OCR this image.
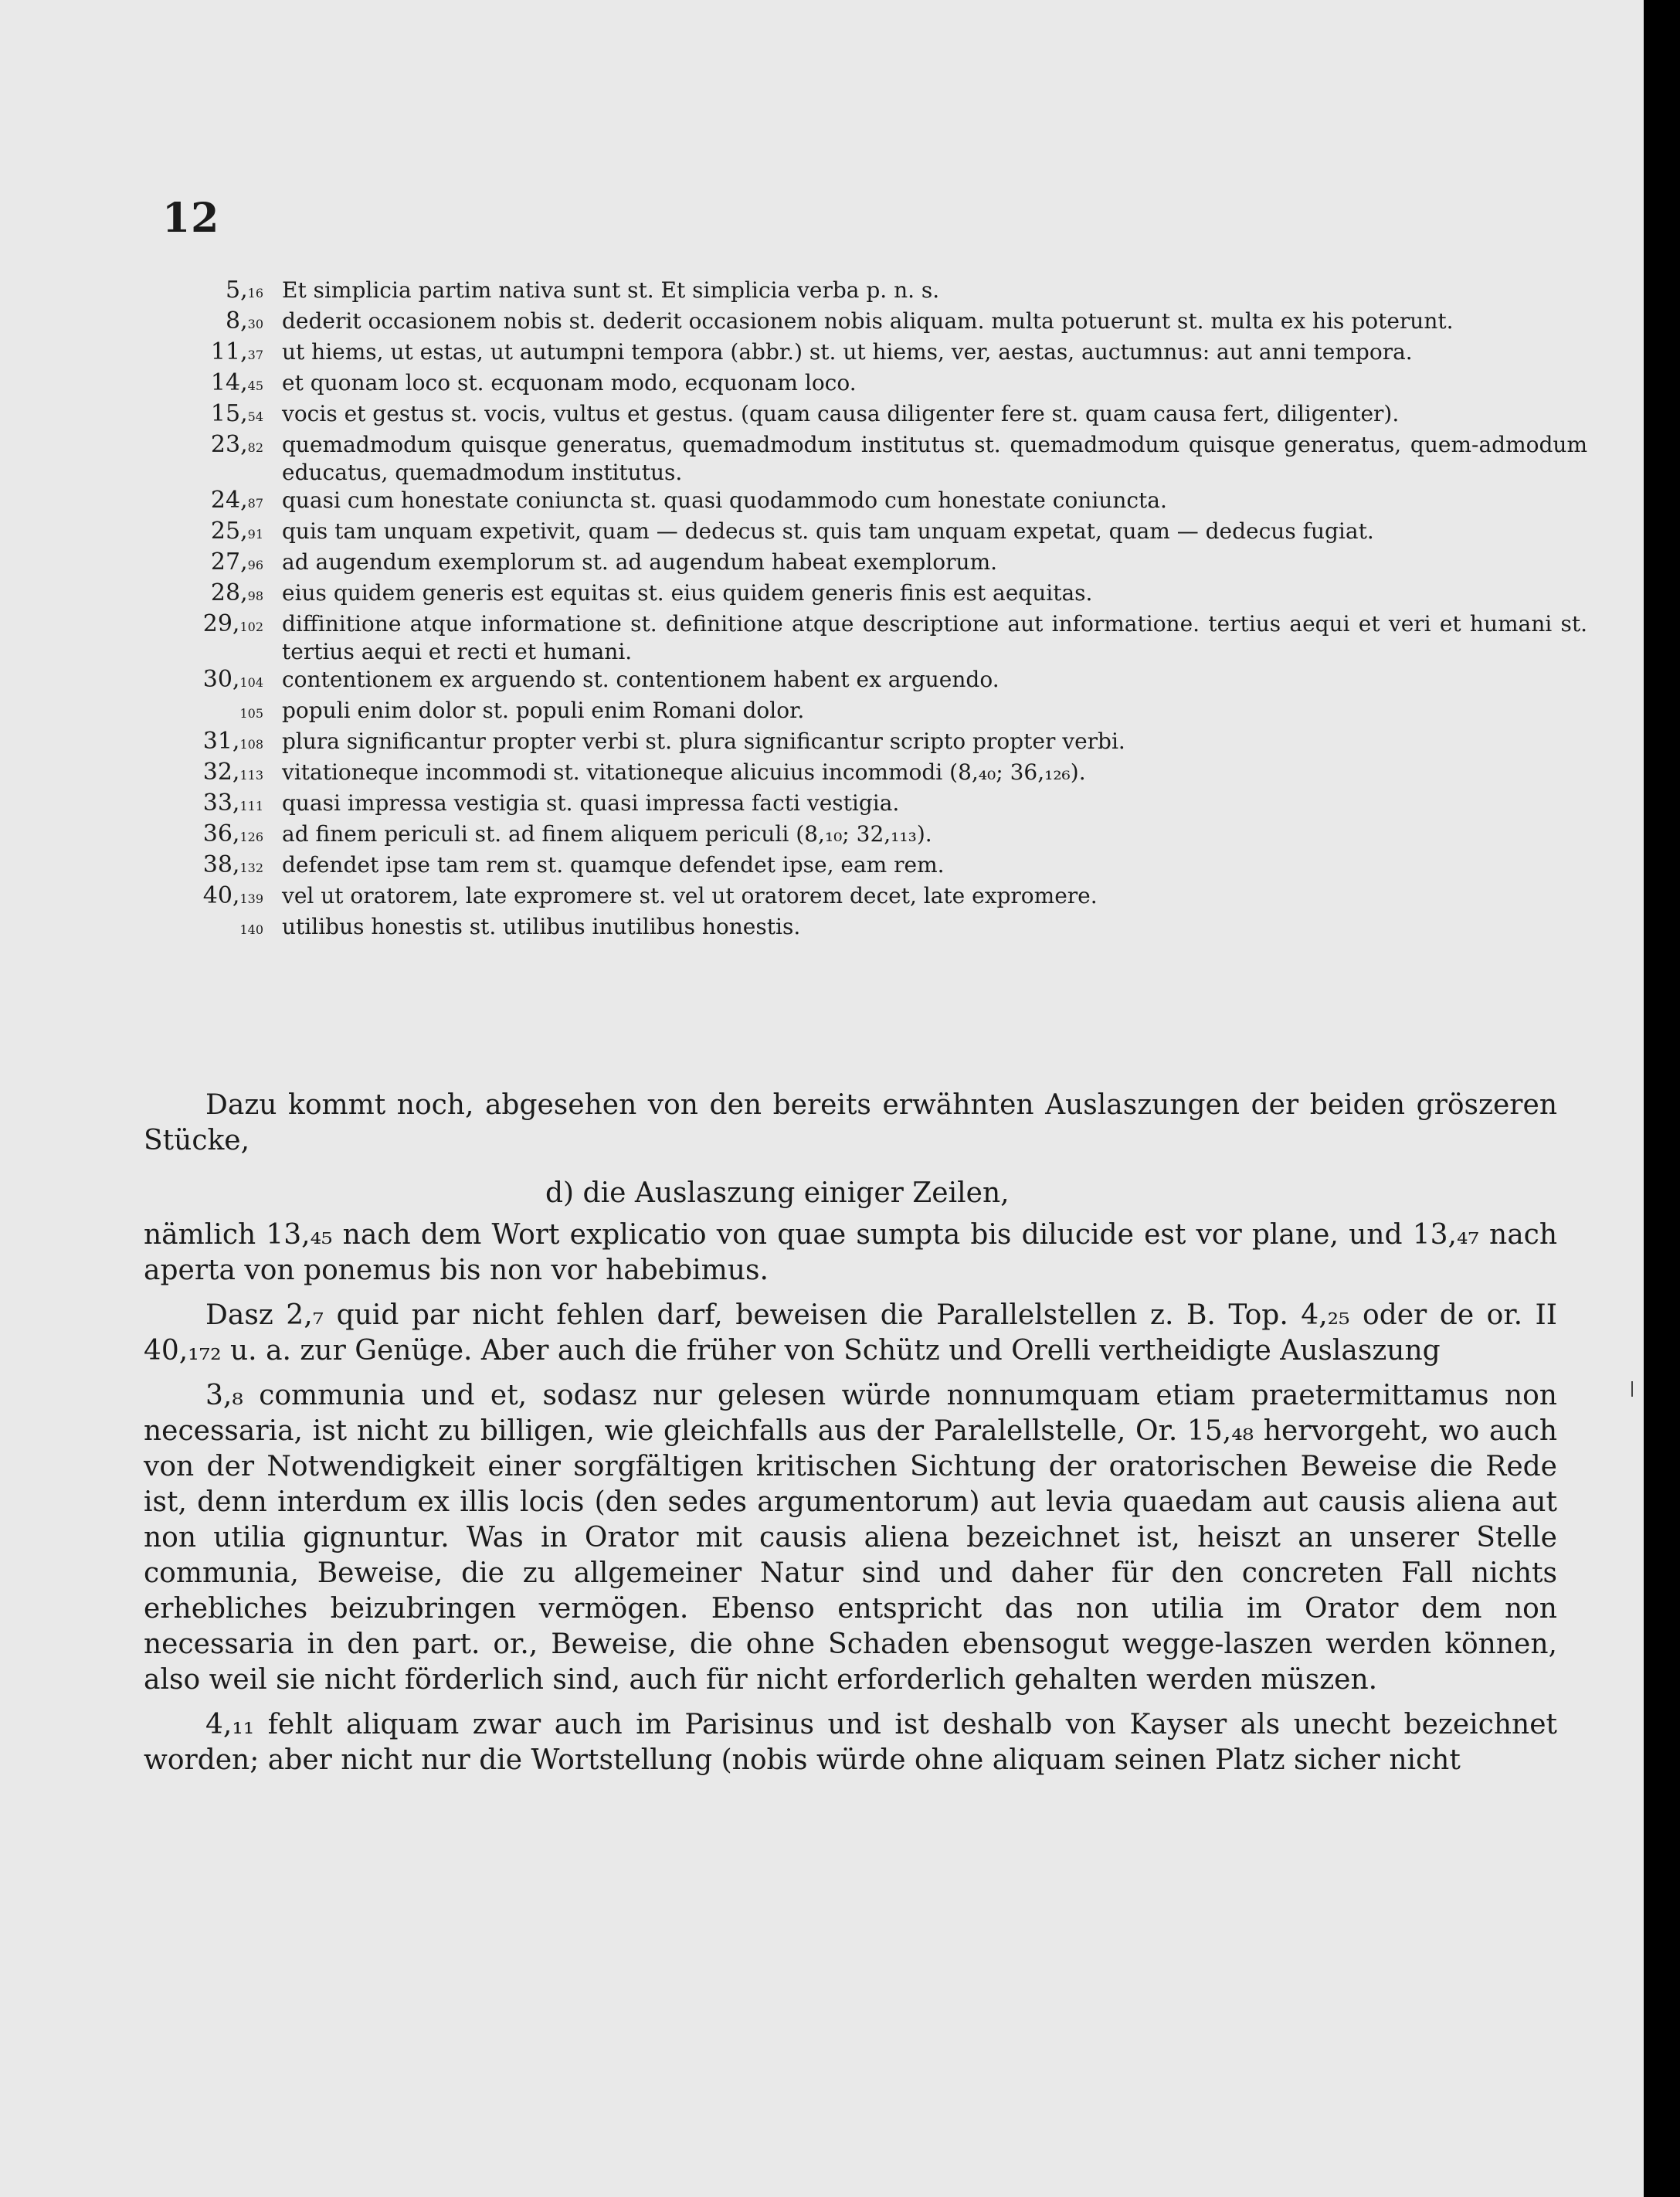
12
5,16 Et simplicia partim nativa sunt st. Et simplicia verba p. n. s.
8,30 dederit occasionem nobis st. dederit occasionem nobis aliquam. multa potuerunt st. multa ex his poterunt.
11,37 ut hiems, ut estas, ut autumpni tempora (abbr.) st. ut hiems, ver, aestas, auctumnus: aut anni tempora.
14,45 et quonam loco st. ecquonam modo, ecquonam loco.
15,54 vocis et gestus st. vocis, vultus et gestus. (quam causa diligenter fere st. quam causa fert, diligenter).
23,82 quemadmodum quisque generatus, quemadmodum institutus st. quemadmodum quisque generatus, quem-admodum educatus, quemadmodum institutus.
24,87 quasi cum honestate coniuncta st. quasi quodammodo cum honestate coniuncta.
25,91 quis tam unquam expetivit, quam — dedecus st. quis tam unquam expetat, quam — dedecus fugiat.
27,96 ad augendum exemplorum st. ad augendum habeat exemplorum.
28,98 eius quidem generis est equitas st. eius quidem generis finis est aequitas.
29,102 diffinitione atque informatione st. definitione atque descriptione aut informatione. tertius aequi et veri et humani st. tertius aequi et recti et humani.
30,104 contentionem ex arguendo st. contentionem habent ex arguendo.
105 populi enim dolor st. populi enim Romani dolor.
31,108 plura significantur propter verbi st. plura significantur scripto propter verbi.
32,113 vitationeque incommodi st. vitationeque alicuius incommodi (8,₄₀; 36,₁₂₆).
33,111 quasi impressa vestigia st. quasi impressa facti vestigia.
36,126 ad finem periculi st. ad finem aliquem periculi (8,₁₀; 32,₁₁₃).
38,132 defendet ipse tam rem st. quamque defendet ipse, eam rem.
40,139 vel ut oratorem, late expromere st. vel ut oratorem decet, late expromere.
140 utilibus honestis st. utilibus inutilibus honestis.

Dazu kommt noch, abgesehen von den bereits erwähnten Auslaszungen der beiden gröszeren Stücke,

d) die Auslaszung einiger Zeilen,

nämlich 13,₄₅ nach dem Wort explicatio von quae sumpta bis dilucide est vor plane, und 13,₄₇ nach aperta von ponemus bis non vor habebimus.

Dasz 2,₇ quid par nicht fehlen darf, beweisen die Parallelstellen z. B. Top. 4,₂₅ oder de or. II 40,₁₇₂ u. a. zur Genüge. Aber auch die früher von Schütz und Orelli vertheidigte Auslaszung

3,₈ communia und et, sodasz nur gelesen würde nonnumquam etiam praetermittamus non necessaria, ist nicht zu billigen, wie gleichfalls aus der Paralellstelle, Or. 15,₄₈ hervorgeht, wo auch von der Notwendigkeit einer sorgfältigen kritischen Sichtung der oratorischen Beweise die Rede ist, denn interdum ex illis locis (den sedes argumentorum) aut levia quaedam aut causis aliena aut non utilia gignuntur. Was in Orator mit causis aliena bezeichnet ist, heiszt an unserer Stelle communia, Beweise, die zu allgemeiner Natur sind und daher für den concreten Fall nichts erhebliches beizubringen vermögen. Ebenso entspricht das non utilia im Orator dem non necessaria in den part. or., Beweise, die ohne Schaden ebensogut wegge-laszen werden können, also weil sie nicht förderlich sind, auch für nicht erforderlich gehalten werden müszen.

4,₁₁ fehlt aliquam zwar auch im Parisinus und ist deshalb von Kayser als unecht bezeichnet worden; aber nicht nur die Wortstellung (nobis würde ohne aliquam seinen Platz sicher nicht
